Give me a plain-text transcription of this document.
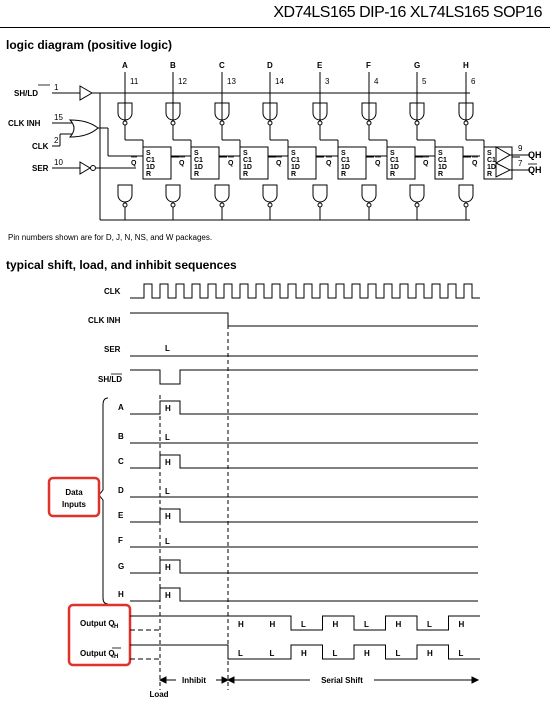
XD74LS165 DIP-16 XL74LS165 SOP16
logic diagram (positive logic)
typical shift, load, and inhibit sequences
Pin numbers shown are for D, J, N, NS, and W packages.
SH/LD
1
CLK INH
15
CLK
2
SER
10
A
11
S
C1
1D
R
Q
B
12
S
C1
1D
R
Q
C
13
S
C1
1D
R
Q
D
14
S
C1
1D
R
Q
E
3
S
C1
1D
R
Q
F
4
S
C1
1D
R
Q
G
5
S
C1
1D
R
Q
H
6
S
C1
1D
R
Q
9
7
QH
QH
CLK
CLK INH
SER	L
SH/LD
A	H
B	L
C	H
D	L
E	H
F	L
G	H
H	H
Data
Inputs
Output Q H
Output Q H
H	H	L	H	L	H	L	H
L	L	H	L	H	L	H	L
Inhibit	Serial Shift
Load
